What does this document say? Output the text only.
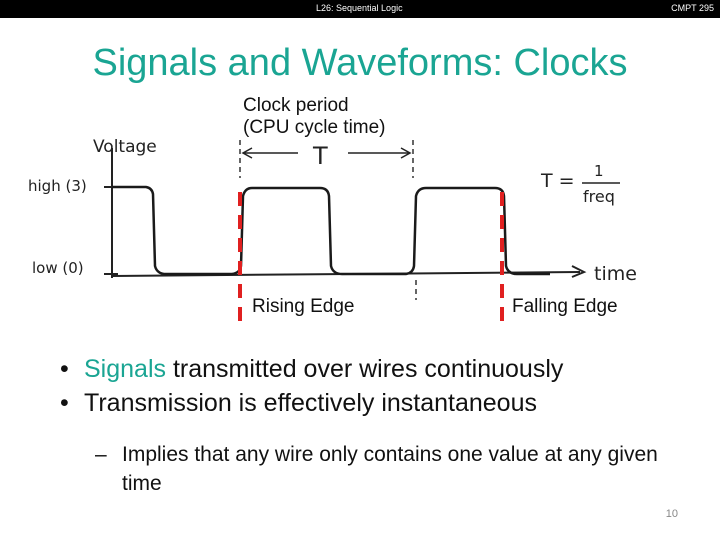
L26: Sequential Logic	CMPT 295
Signals and Waveforms: Clocks
Clock period
(CPU cycle time)
Voltage
high (3)
low (0)
T
T = 1
freq
time
Rising Edge	Falling Edge
• Signals transmitted over wires continuously
• Transmission is effectively instantaneous
– Implies that any wire only contains one value at any given time
10
